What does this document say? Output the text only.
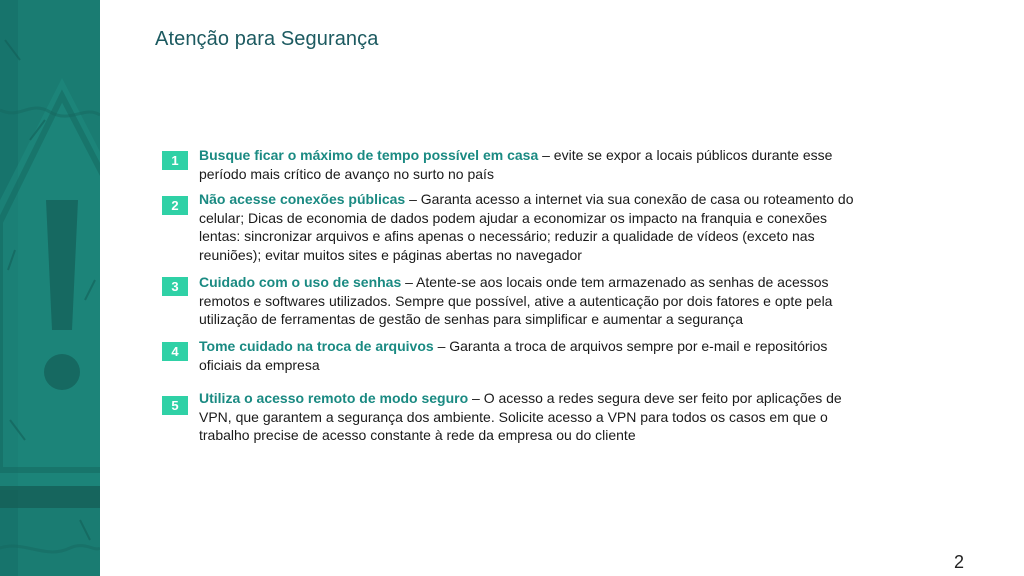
Atenção para Segurança
1	Busque ficar o máximo de tempo possível em casa – evite se expor a locais públicos durante esse período mais crítico de avanço no surto no país
2	Não acesse conexões públicas – Garanta acesso a internet via sua conexão de casa ou roteamento do celular; Dicas de economia de dados podem ajudar a economizar os impacto na franquia e conexões lentas: sincronizar arquivos e afins apenas o necessário; reduzir a qualidade de vídeos (exceto nas reuniões); evitar muitos sites e páginas abertas no navegador
3	Cuidado com o uso de senhas – Atente-se aos locais onde tem armazenado as senhas de acessos remotos e softwares utilizados. Sempre que possível, ative a autenticação por dois fatores e opte pela utilização de ferramentas de gestão de senhas para simplificar e aumentar a segurança
4	Tome cuidado na troca de arquivos – Garanta a troca de arquivos sempre por e-mail e repositórios oficiais da empresa
5	Utiliza o acesso remoto de modo seguro – O acesso a redes segura deve ser feito por aplicações de VPN, que garantem a segurança dos ambiente. Solicite acesso a VPN para todos os casos em que o trabalho precise de acesso constante à rede da empresa ou do cliente
2
